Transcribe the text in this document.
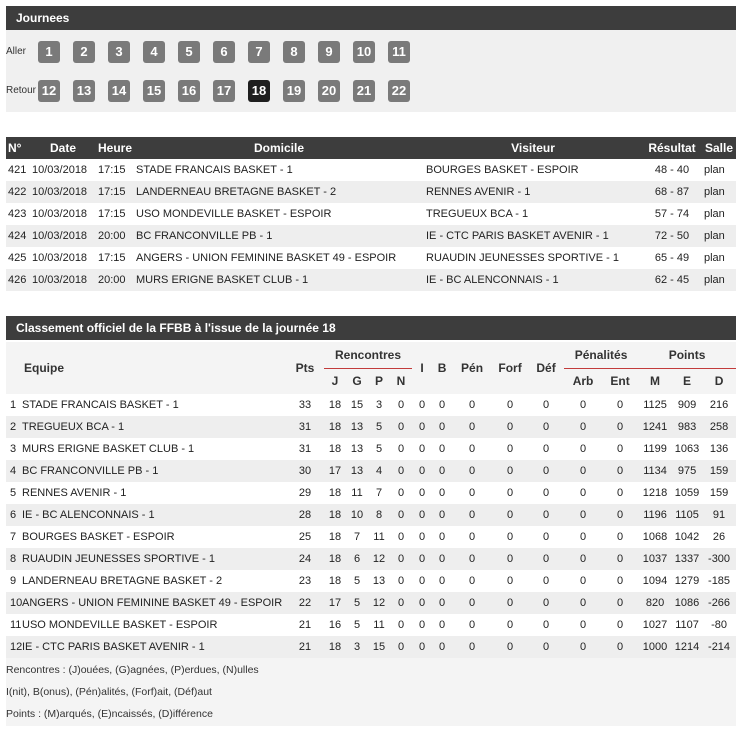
Journees
Aller
Retour
1	2	3	4	5	6	7	8	9	10	11
12 13 14 15 16 17 18 19 20 21 22
N°	Date	Heure	Domicile	Visiteur	Résultat	Salle
421	10/03/2018	17:15	STADE FRANCAIS BASKET - 1	BOURGES BASKET - ESPOIR	48 - 40	plan
422	10/03/2018	17:15	LANDERNEAU BRETAGNE BASKET - 2	RENNES AVENIR - 1	68 - 87	plan
423	10/03/2018	17:15	USO MONDEVILLE BASKET - ESPOIR	TREGUEUX BCA - 1	57 - 74	plan
424	10/03/2018	20:00	BC FRANCONVILLE PB - 1	IE - CTC PARIS BASKET AVENIR - 1	72 - 50	plan
425	10/03/2018	17:15	ANGERS - UNION FEMININE BASKET 49 - ESPOIR	RUAUDIN JEUNESSES SPORTIVE - 1	65 - 49	plan
426	10/03/2018	20:00	MURS ERIGNE BASKET CLUB - 1	IE - BC ALENCONNAIS - 1	62 - 45	plan
Classement officiel de la FFBB à l'issue de la journée 18
Equipe	Pts	Rencontres				I	B	Pén	Forf	Déf	Pénalités		Points		
		J	G	P	N						Arb	Ent	M	E	D
1 STADE FRANCAIS BASKET - 1	33	18	15	3	0	0	0	0	0	0	0	0	1125	909	216
2 TREGUEUX BCA - 1	31	18	13	5	0	0	0	0	0	0	0	0	1241	983	258
3 MURS ERIGNE BASKET CLUB - 1	31	18	13	5	0	0	0	0	0	0	0	0	1199	1063	136
4 BC FRANCONVILLE PB - 1	30	17	13	4	0	0	0	0	0	0	0	0	1134	975	159
5 RENNES AVENIR - 1	29	18	11	7	0	0	0	0	0	0	0	0	1218	1059	159
6 IE - BC ALENCONNAIS - 1	28	18	10	8	0	0	0	0	0	0	0	0	1196	1105	91
7 BOURGES BASKET - ESPOIR	25	18	7	11	0	0	0	0	0	0	0	0	1068	1042	26
8 RUAUDIN JEUNESSES SPORTIVE - 1	24	18	6	12	0	0	0	0	0	0	0	0	1037	1337	-300
9 LANDERNEAU BRETAGNE BASKET - 2	23	18	5	13	0	0	0	0	0	0	0	0	1094	1279	-185
10ANGERS - UNION FEMININE BASKET 49 - ESPOIR	22	17	5	12	0	0	0	0	0	0	0	0	820	1086	-266
11USO MONDEVILLE BASKET - ESPOIR	21	16	5	11	0	0	0	0	0	0	0	0	1027	1107	-80
12IE - CTC PARIS BASKET AVENIR - 1	21	18	3	15	0	0	0	0	0	0	0	0	1000	1214	-214
Rencontres : (J)ouées, (G)agnées, (P)erdues, (N)ulles
I(nit), B(onus), (Pén)alités, (Forf)ait, (Déf)aut
Points : (M)arqués, (E)ncaissés, (D)ifférence
